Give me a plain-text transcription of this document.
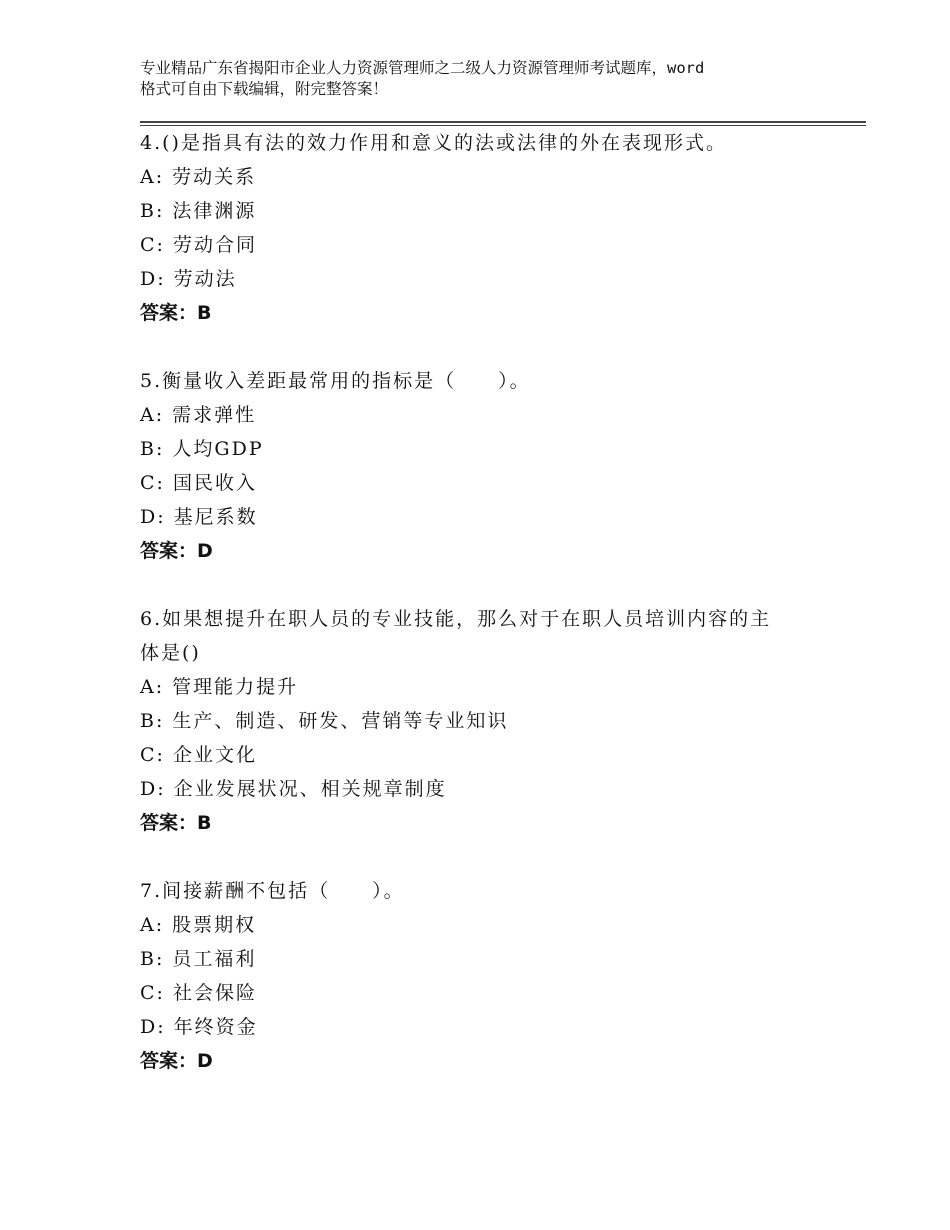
专业精品广东省揭阳市企业人力资源管理师之二级人力资源管理师考试题库，word
格式可自由下载编辑，附完整答案！

4.()是指具有法的效力作用和意义的法或法律的外在表现形式。

A: 劳动关系

B: 法律渊源

C: 劳动合同

D: 劳动法

答案：B

5.衡量收入差距最常用的指标是（　　）。

A: 需求弹性

B: 人均GDP

C: 国民收入

D: 基尼系数

答案：D

6.如果想提升在职人员的专业技能，那么对于在职人员培训内容的主

体是()

A: 管理能力提升

B: 生产、制造、研发、营销等专业知识

C: 企业文化

D: 企业发展状况、相关规章制度

答案：B

7.间接薪酬不包括（　　）。

A: 股票期权

B: 员工福利

C: 社会保险

D: 年终资金

答案：D
